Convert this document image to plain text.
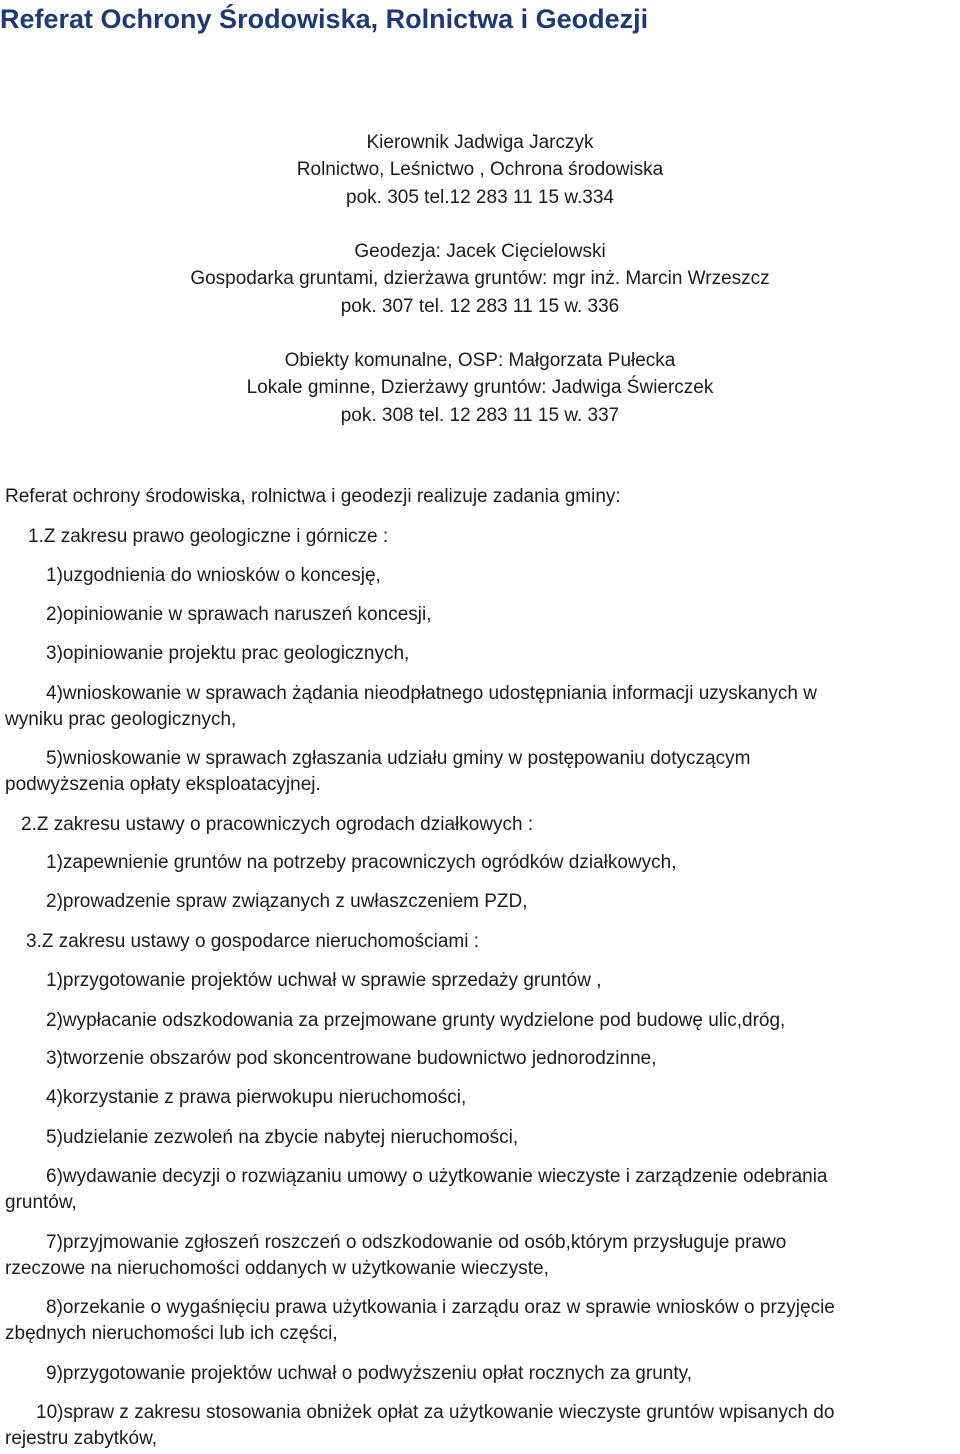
Referat Ochrony Środowiska, Rolnictwa i Geodezji
Kierownik Jadwiga Jarczyk
Rolnictwo, Leśnictwo , Ochrona środowiska
pok. 305 tel.12 283 11 15 w.334
Geodezja: Jacek Cięcielowski
Gospodarka gruntami, dzierżawa gruntów: mgr inż. Marcin Wrzeszcz
pok. 307 tel. 12 283 11 15 w. 336
Obiekty komunalne, OSP: Małgorzata Pułecka
Lokale gminne, Dzierżawy gruntów: Jadwiga Świerczek
pok. 308 tel. 12 283 11 15 w. 337
Referat ochrony środowiska, rolnictwa i geodezji realizuje zadania gminy:
1.Z zakresu prawo geologiczne i górnicze :
1)uzgodnienia do wniosków o koncesję,
2)opiniowanie w sprawach naruszeń koncesji,
3)opiniowanie projektu prac geologicznych,
4)wnioskowanie w sprawach żądania nieodpłatnego udostępniania informacji uzyskanych w
wyniku prac geologicznych,
5)wnioskowanie w sprawach zgłaszania udziału gminy w postępowaniu dotyczącym
podwyższenia opłaty eksploatacyjnej.
2.Z zakresu ustawy o pracowniczych ogrodach działkowych :
1)zapewnienie gruntów na potrzeby pracowniczych ogródków działkowych,
2)prowadzenie spraw związanych z uwłaszczeniem PZD,
3.Z zakresu ustawy o gospodarce nieruchomościami :
1)przygotowanie projektów uchwał w sprawie sprzedaży gruntów ,
2)wypłacanie odszkodowania za przejmowane grunty wydzielone pod budowę ulic,dróg,
3)tworzenie obszarów pod skoncentrowane budownictwo jednorodzinne,
4)korzystanie z prawa pierwokupu nieruchomości,
5)udzielanie zezwoleń na zbycie nabytej nieruchomości,
6)wydawanie decyzji o rozwiązaniu umowy o użytkowanie wieczyste i zarządzenie odebrania
gruntów,
7)przyjmowanie zgłoszeń roszczeń o odszkodowanie od osób,którym przysługuje prawo
rzeczowe na nieruchomości oddanych w użytkowanie wieczyste,
8)orzekanie o wygaśnięciu prawa użytkowania i zarządu oraz w sprawie wniosków o przyjęcie
zbędnych nieruchomości lub ich części,
9)przygotowanie projektów uchwał o podwyższeniu opłat rocznych za grunty,
10)spraw z zakresu stosowania obniżek opłat za użytkowanie wieczyste gruntów wpisanych do
rejestru zabytków,
